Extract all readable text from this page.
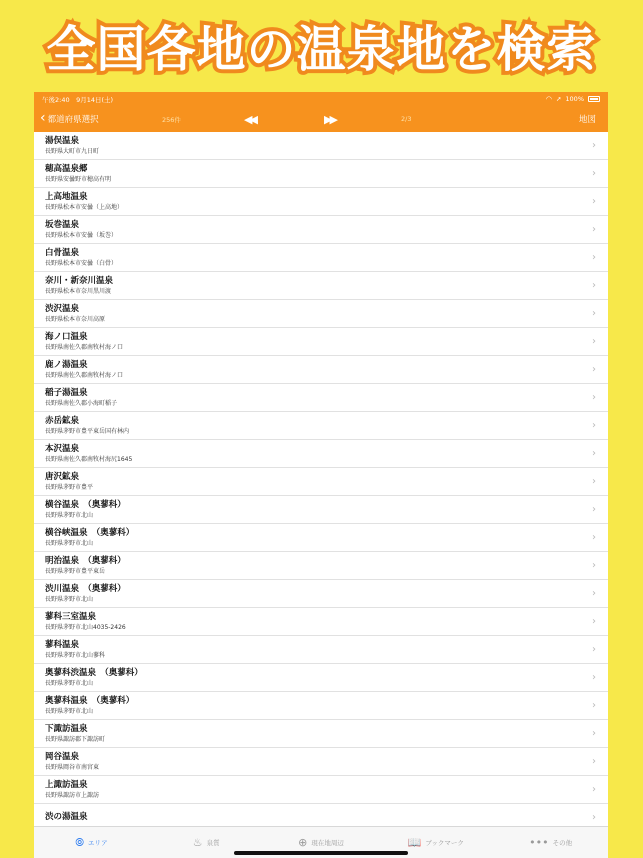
全国各地の温泉地を検索
午後2:40　9月14日(土)	◠ ➚ 100%
‹ 都道府県選択	256件	◀◀	▶▶	2/3	地図
湯俣温泉
長野県大町市九日町	›
穂高温泉郷
長野県安曇野市穂高有明	›
上高地温泉
長野県松本市安曇（上高地）	›
坂巻温泉
長野県松本市安曇（坂巻）	›
白骨温泉
長野県松本市安曇（白骨）	›
奈川・新奈川温泉
長野県松本市奈川黒川渡	›
渋沢温泉
長野県松本市奈川高原	›
海ノ口温泉
長野県南佐久郡南牧村海ノ口	›
鹿ノ湯温泉
長野県南佐久郡南牧村海ノ口	›
稲子湯温泉
長野県南佐久郡小海町稲子	›
赤岳鉱泉
長野県茅野市豊平東岳国有林内	›
本沢温泉
長野県南佐久郡南牧村海尻1645	›
唐沢鉱泉
長野県茅野市豊平	›
横谷温泉　（奥蓼科）
長野県茅野市北山	›
横谷峡温泉　（奥蓼科）
長野県茅野市北山	›
明治温泉　（奥蓼科）
長野県茅野市豊平東岳	›
渋川温泉　（奥蓼科）
長野県茅野市北山	›
蓼科三室温泉
長野県茅野市北山4035-2426	›
蓼科温泉
長野県茅野市北山蓼科	›
奥蓼科渋温泉　（奥蓼科）
長野県茅野市北山	›
奥蓼科温泉　（奥蓼科）
長野県茅野市北山	›
下諏訪温泉
長野県諏訪郡下諏訪町	›
岡谷温泉
長野県岡谷市南宮東	›
上諏訪温泉
長野県諏訪市上諏訪	›
渋の湯温泉	›
⦾ エリア	♨ 泉質	⊕ 現在地周辺	📖 ブックマーク	••• その他
